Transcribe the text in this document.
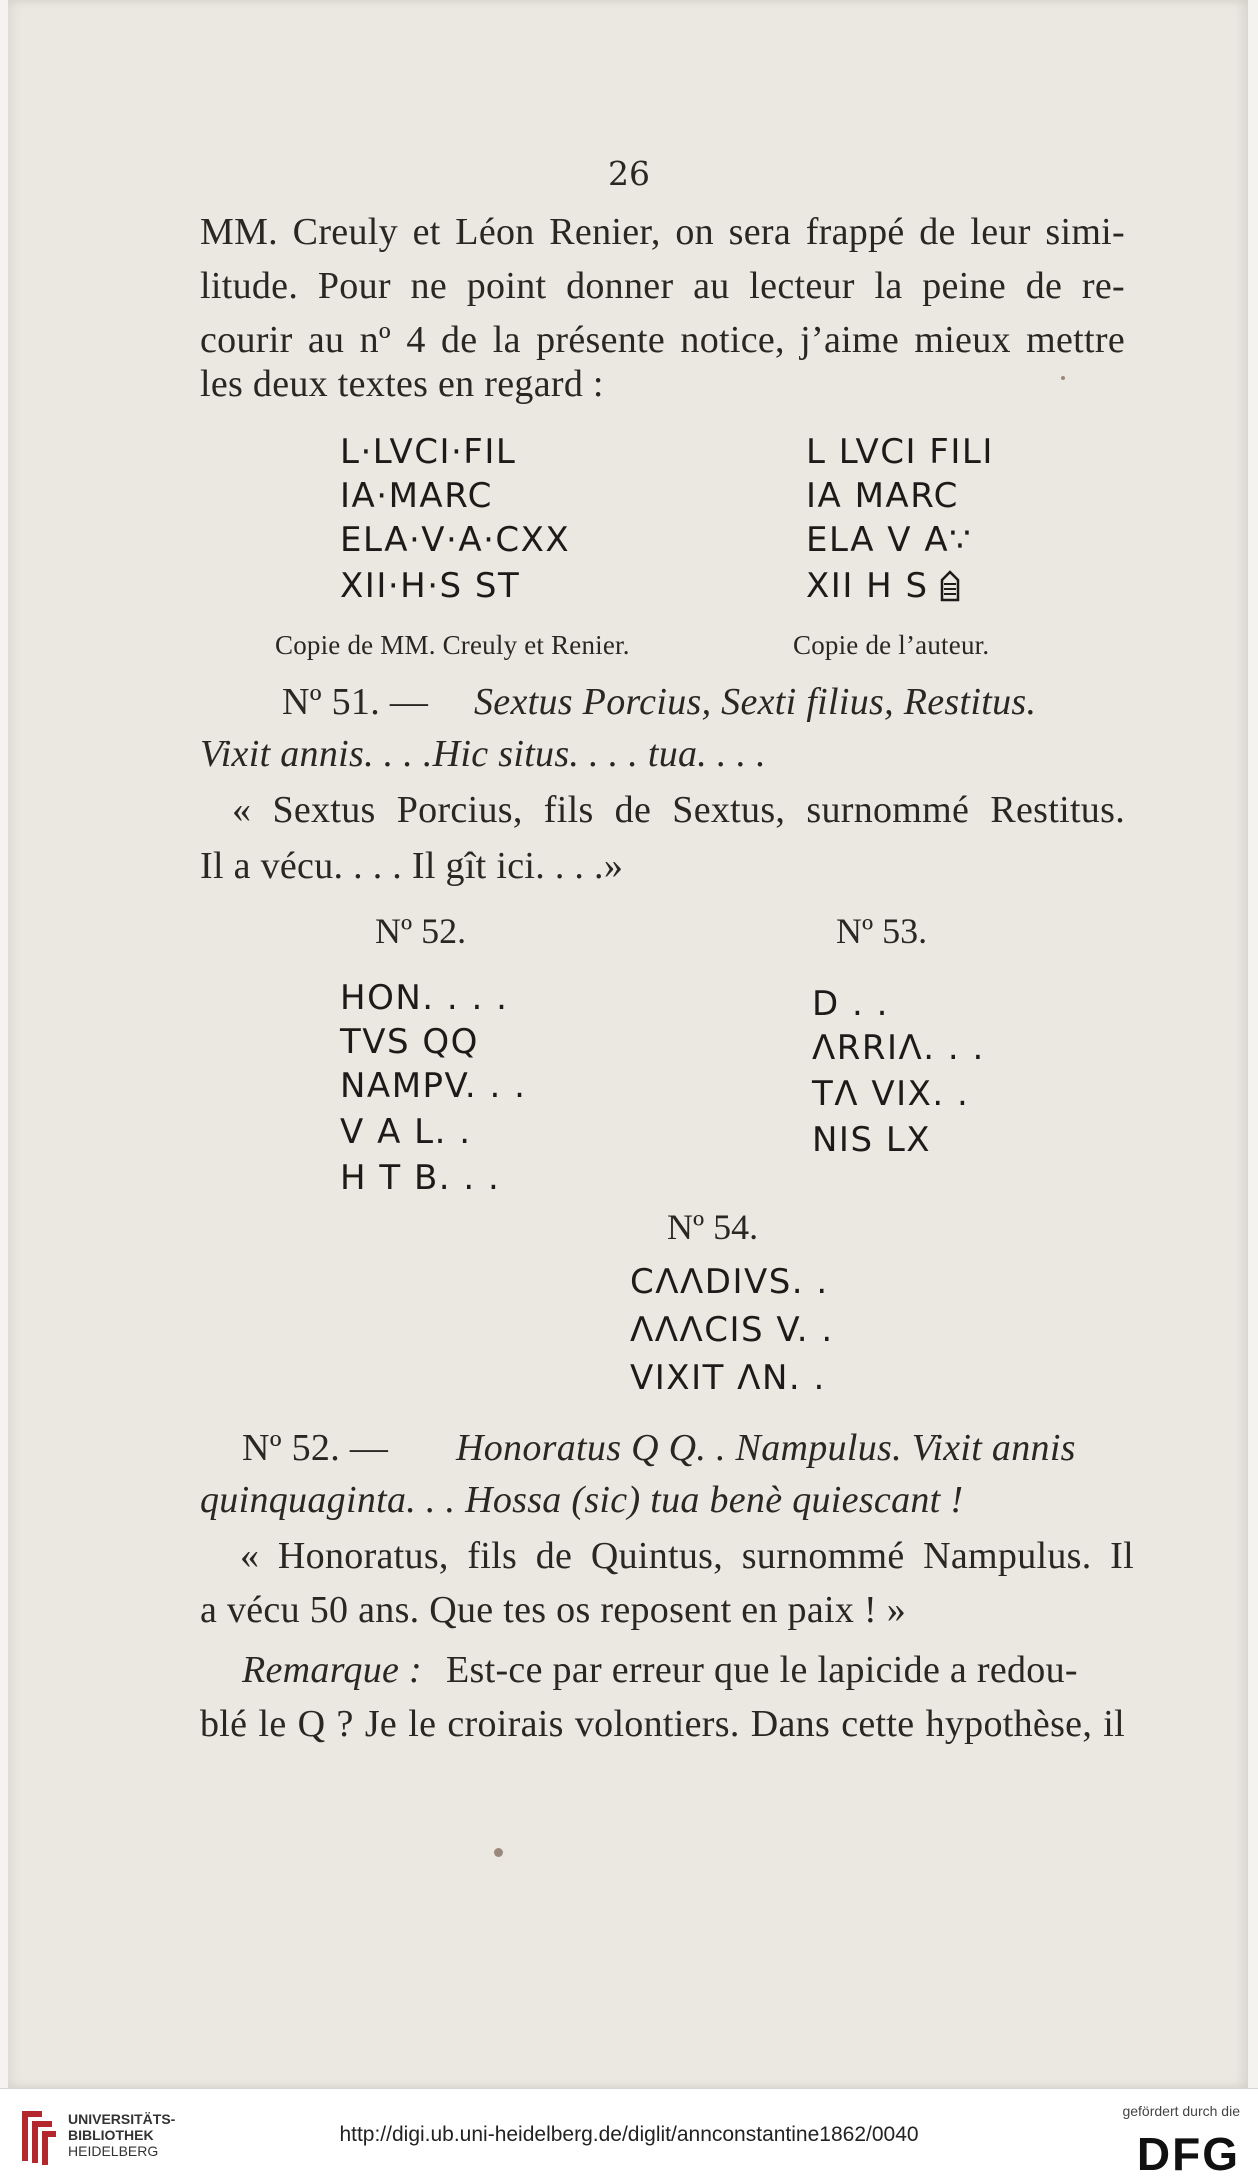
26
MM. Creuly et Léon Renier, on sera frappé de leur simi-
litude. Pour ne point donner au lecteur la peine de re-
courir au nº 4 de la présente notice, j’aime mieux mettre
les deux textes en regard :
L·LVCI·FIL
IA·MARC
ELA·V·A·CXX
XII·H·S ST
Copie de MM. Creuly et Renier.
L LVCI FILI
IA MARC
ELA V A∵
XII H S
Copie de l’auteur.
Nº 51. — Sextus Porcius, Sexti filius, Restitus.
Vixit annis. . . .Hic situs. . . . tua. . . .
« Sextus Porcius, fils de Sextus, surnommé Restitus.
Il a vécu. . . . Il gît ici. . . .»
Nº 52.
HON. . . .
TVS QQ
NAMPV. . .
V A L. .
H T B. . .
Nº 53.
D . .
ΛRRIΛ. . .
TΛ VIX. .
NIS LX
Nº 54.
CΛΛDIVS. .
ΛΛΛCIS V. .
VIXIT ΛN. .
Nº 52. — Honoratus Q Q. . Nampulus. Vixit annis
quinquaginta. . . Hossa (sic) tua benè quiescant !
« Honoratus, fils de Quintus, surnommé Nampulus. Il
a vécu 50 ans. Que tes os reposent en paix ! »
Remarque : Est-ce par erreur que le lapicide a redou-
blé le Q ? Je le croirais volontiers. Dans cette hypothèse, il
UNIVERSITÄTS-
BIBLIOTHEK
HEIDELBERG
http://digi.ub.uni-heidelberg.de/diglit/annconstantine1862/0040
gefördert durch die
DFG
